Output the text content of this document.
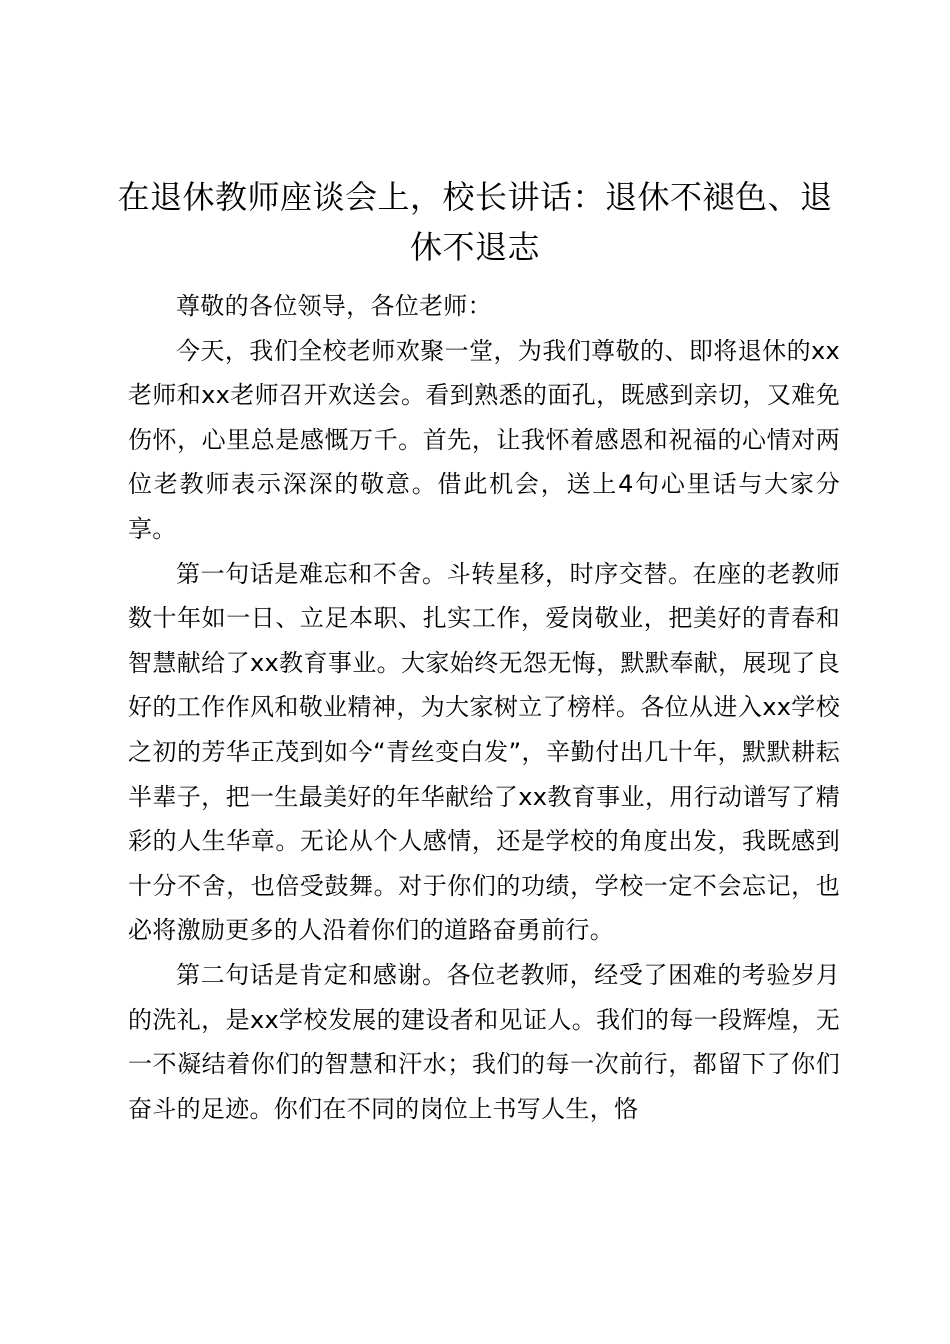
在退休教师座谈会上，校长讲话：退休不褪色、退休不退志

尊敬的各位领导，各位老师：

今天，我们全校老师欢聚一堂，为我们尊敬的、即将退休的xx老师和xx老师召开欢送会。看到熟悉的面孔，既感到亲切，又难免伤怀，心里总是感慨万千。首先，让我怀着感恩和祝福的心情对两位老教师表示深深的敬意。借此机会，送上4句心里话与大家分享。

第一句话是难忘和不舍。斗转星移，时序交替。在座的老教师数十年如一日、立足本职、扎实工作，爱岗敬业，把美好的青春和智慧献给了xx教育事业。大家始终无怨无悔，默默奉献，展现了良好的工作作风和敬业精神，为大家树立了榜样。各位从进入xx学校之初的芳华正茂到如今“青丝变白发”，辛勤付出几十年，默默耕耘半辈子，把一生最美好的年华献给了xx教育事业，用行动谱写了精彩的人生华章。无论从个人感情，还是学校的角度出发，我既感到十分不舍，也倍受鼓舞。对于你们的功绩，学校一定不会忘记，也必将激励更多的人沿着你们的道路奋勇前行。

第二句话是肯定和感谢。各位老教师，经受了困难的考验岁月的洗礼，是xx学校发展的建设者和见证人。我们的每一段辉煌，无一不凝结着你们的智慧和汗水；我们的每一次前行，都留下了你们奋斗的足迹。你们在不同的岗位上书写人生，恪
